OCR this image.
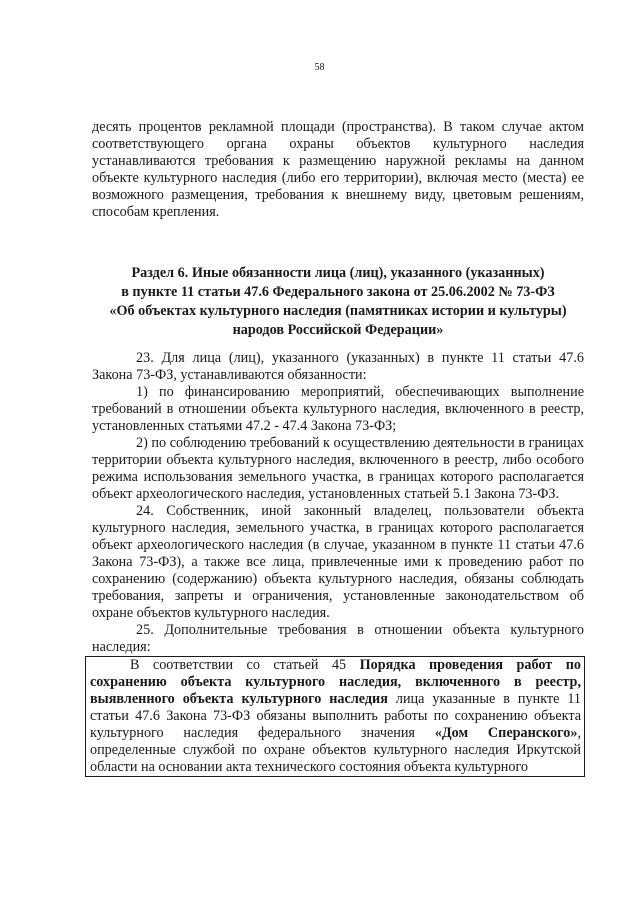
58

десять процентов рекламной площади (пространства). В таком случае актом соответствующего органа охраны объектов культурного наследия устанавливаются требования к размещению наружной рекламы на данном объекте культурного наследия (либо его территории), включая место (места) ее возможного размещения, требования к внешнему виду, цветовым решениям, способам крепления.

Раздел 6. Иные обязанности лица (лиц), указанного (указанных)
в пункте 11 статьи 47.6 Федерального закона от 25.06.2002 № 73-ФЗ
«Об объектах культурного наследия (памятниках истории и культуры)
народов Российской Федерации»

23. Для лица (лиц), указанного (указанных) в пункте 11 статьи 47.6 Закона 73-ФЗ, устанавливаются обязанности:

1) по финансированию мероприятий, обеспечивающих выполнение требований в отношении объекта культурного наследия, включенного в реестр, установленных статьями 47.2 - 47.4 Закона 73-ФЗ;

2) по соблюдению требований к осуществлению деятельности в границах территории объекта культурного наследия, включенного в реестр, либо особого режима использования земельного участка, в границах которого располагается объект археологического наследия, установленных статьей 5.1 Закона 73-ФЗ.

24. Собственник, иной законный владелец, пользователи объекта культурного наследия, земельного участка, в границах которого располагается объект археологического наследия (в случае, указанном в пункте 11 статьи 47.6 Закона 73-ФЗ), а также все лица, привлеченные ими к проведению работ по сохранению (содержанию) объекта культурного наследия, обязаны соблюдать требования, запреты и ограничения, установленные законодательством об охране объектов культурного наследия.

25. Дополнительные требования в отношении объекта культурного наследия:

В соответствии со статьей 45 Порядка проведения работ по сохранению объекта культурного наследия, включенного в реестр, выявленного объекта культурного наследия лица указанные в пункте 11 статьи 47.6 Закона 73-ФЗ обязаны выполнить работы по сохранению объекта культурного наследия федерального значения «Дом Сперанского», определенные службой по охране объектов культурного наследия Иркутской области на основании акта технического состояния объекта культурного
